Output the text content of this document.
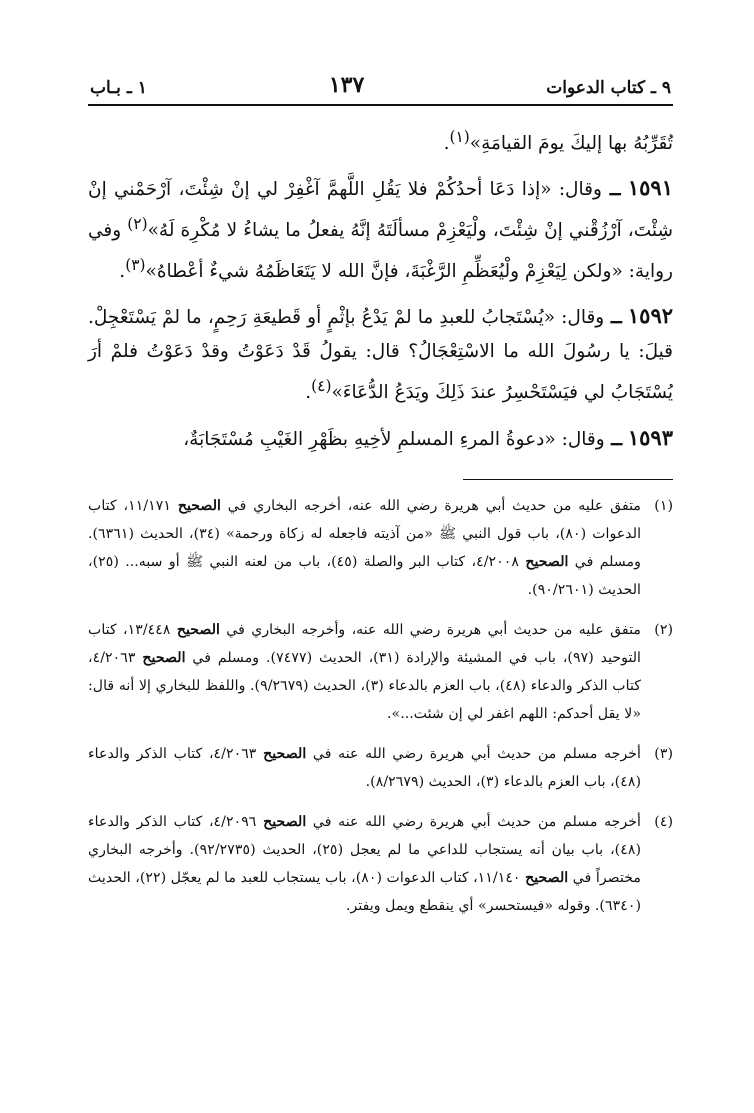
٩ ـ كتاب الدعوات
١٣٧
١ ـ بـاب

تُقَرِّبُهُ بها إليكَ يومَ القيامَةِ»$^{(١)}$.

١٥٩١ ــ وقال: «إذا دَعَا أحدُكُمْ فلا يَقُلِ اللَّهمَّ آغْفِرْ لي إنْ شِئْتَ، آرْحَمْني إنْ شِئْتَ، آرْزُقْني إنْ شِئْتَ، ولْيَعْزِمْ مسألَتَهُ إنَّهُ يفعلُ ما يشاءُ لا مُكْرِهَ لَهُ»$^{(٢)}$ وفي رواية: «ولكن لِيَعْزِمْ ولْيُعَظِّمِ الرَّغْبَةَ، فإنَّ الله لا يَتَعَاظَمُهُ شيءٌ أعْطاهُ»$^{(٣)}$.

١٥٩٢ ــ وقال: «يُسْتَجابُ للعبدِ ما لمْ يَدْعُ بإثْمٍ أو قَطيعَةِ رَحِمٍ، ما لمْ يَسْتَعْجِلْ. قيلَ: يا رسُولَ الله ما الاسْتِعْجَالُ؟ قال: يقولُ قَدْ دَعَوْتُ وقدْ دَعَوْتُ فلمْ أرَ يُسْتَجَابُ لي فيَسْتَحْسِرُ عندَ ذَلِكَ ويَدَعُ الدُّعَاءَ»$^{(٤)}$.

١٥٩٣ ــ وقال: «دعوةُ المرءِ المسلمِ لأخِيهِ بظَهْرِ الغَيْبِ مُسْتَجَابَةٌ،

(١)
متفق عليه من حديث أبي هريرة رضي الله عنه، أخرجه البخاري في الصحيح ١١/١٧١، كتاب الدعوات (٨٠)، باب قول النبي ﷺ «من آذيته فاجعله له زكاة ورحمة» (٣٤)، الحديث (٦٣٦١). ومسلم في الصحيح ٤/٢٠٠٨، كتاب البر والصلة (٤٥)، باب من لعنه النبي ﷺ أو سبه... (٢٥)، الحديث (٩٠/٢٦٠١).
(٢)
متفق عليه من حديث أبي هريرة رضي الله عنه، وأخرجه البخاري في الصحيح ١٣/٤٤٨، كتاب التوحيد (٩٧)، باب في المشيئة والإرادة (٣١)، الحديث (٧٤٧٧). ومسلم في الصحيح ٤/٢٠٦٣، كتاب الذكر والدعاء (٤٨)، باب العزم بالدعاء (٣)، الحديث (٩/٢٦٧٩). واللفظ للبخاري إلا أنه قال: «لا يقل أحدكم: اللهم اغفر لي إن شئت...».
(٣)
أخرجه مسلم من حديث أبي هريرة رضي الله عنه في الصحيح ٤/٢٠٦٣، كتاب الذكر والدعاء (٤٨)، باب العزم بالدعاء (٣)، الحديث (٨/٢٦٧٩).
(٤)
أخرجه مسلم من حديث أبي هريرة رضي الله عنه في الصحيح ٤/٢٠٩٦، كتاب الذكر والدعاء (٤٨)، باب بيان أنه يستجاب للداعي ما لم يعجل (٢٥)، الحديث (٩٢/٢٧٣٥). وأخرجه البخاري مختصراً في الصحيح ١١/١٤٠، كتاب الدعوات (٨٠)، باب يستجاب للعبد ما لم يعجّل (٢٢)، الحديث (٦٣٤٠). وقوله «فيستحسر» أي ينقطع ويمل ويفتر.
